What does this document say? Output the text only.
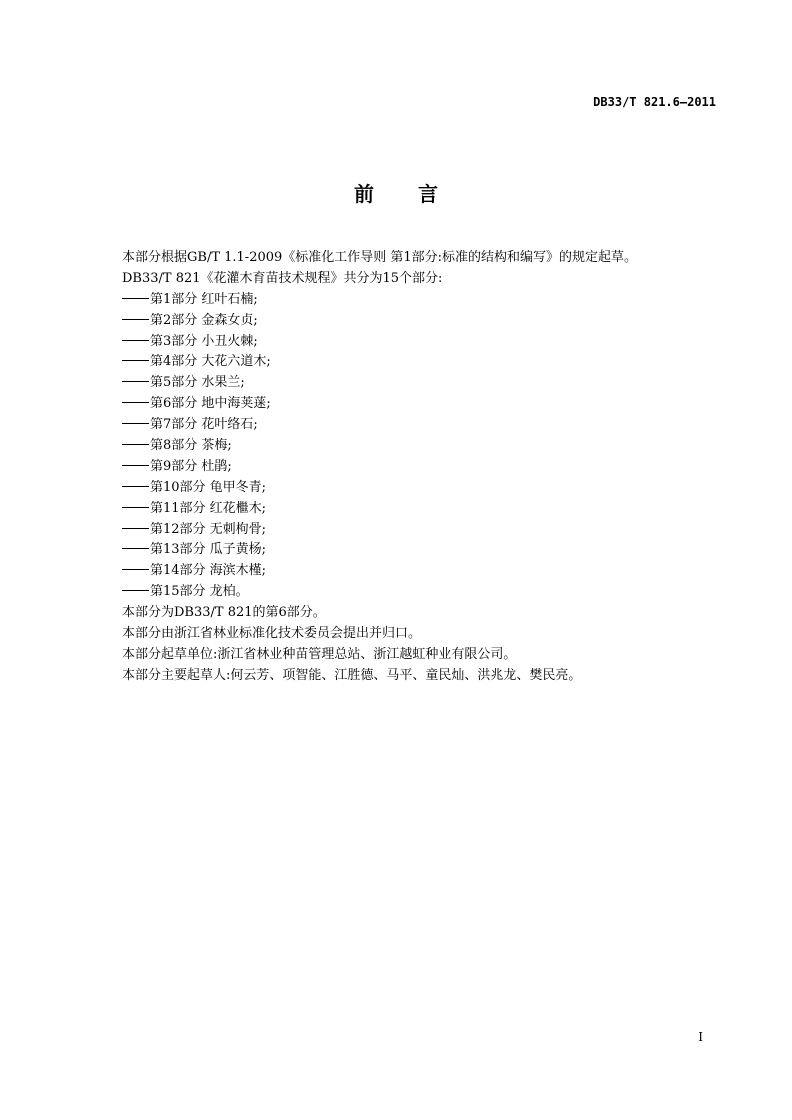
DB33/T 821.6—2011
前 言
本部分根据GB/T 1.1-2009《标准化工作导则 第1部分:标准的结构和编写》的规定起草。
DB33/T 821《花灌木育苗技术规程》共分为15个部分:
第1部分 红叶石楠;
第2部分 金森女贞;
第3部分 小丑火棘;
第4部分 大花六道木;
第5部分 水果兰;
第6部分 地中海荚蒾;
第7部分 花叶络石;
第8部分 茶梅;
第9部分 杜鹃;
第10部分 龟甲冬青;
第11部分 红花檵木;
第12部分 无刺枸骨;
第13部分 瓜子黄杨;
第14部分 海滨木槿;
第15部分 龙柏。
本部分为DB33/T 821的第6部分。
本部分由浙江省林业标准化技术委员会提出并归口。
本部分起草单位:浙江省林业种苗管理总站、浙江越虹种业有限公司。
本部分主要起草人:何云芳、项智能、江胜德、马平、童民灿、洪兆龙、樊民亮。
I
